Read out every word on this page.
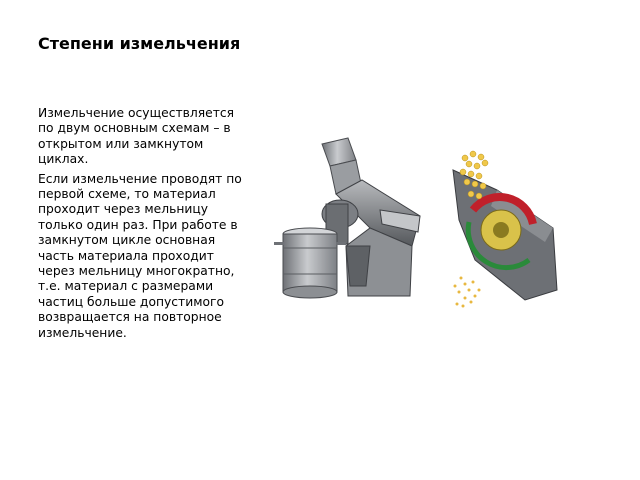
Степени измельчения

Измельчение осуществляется по двум основным схемам – в открытом или замкнутом циклах.

Если измельчение проводят по первой схеме, то материал проходит через мельницу только один раз. При работе в замкнутом цикле основная часть материала проходит через мельницу многократно, т.е. материал с размерами частиц больше допустимого возвращается на повторное измельчение.
